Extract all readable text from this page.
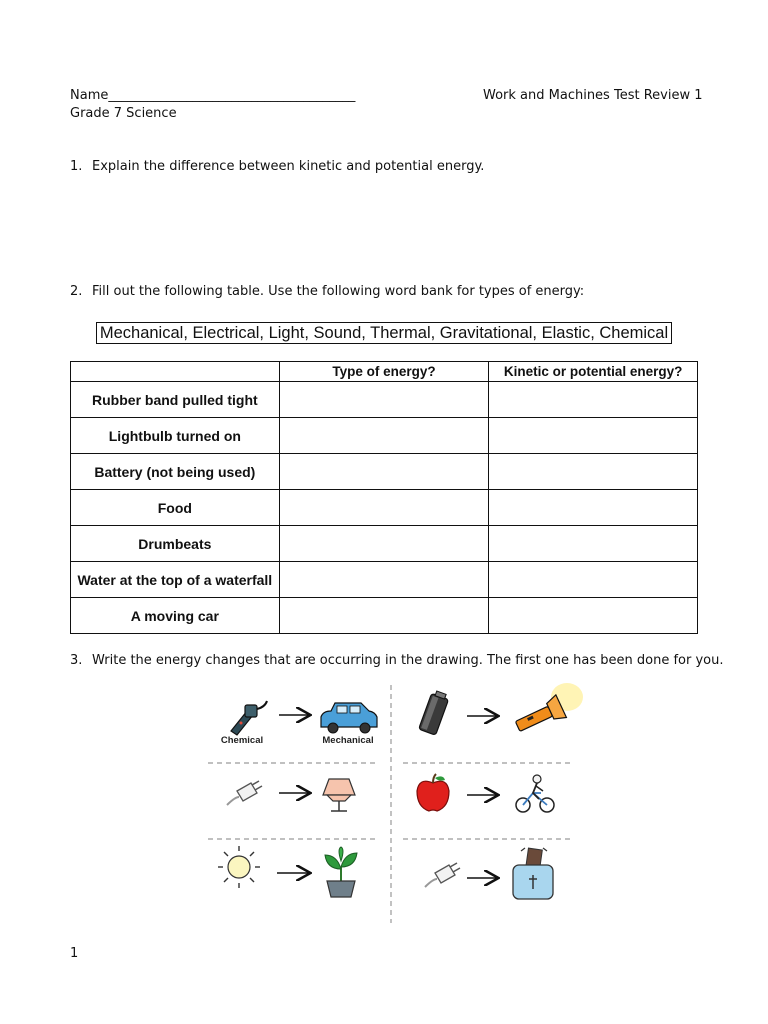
Name______________________________________	Work and Machines Test Review 1
Grade 7 Science
1. Explain the difference between kinetic and potential energy.
2. Fill out the following table. Use the following word bank for types of energy:
Mechanical, Electrical, Light, Sound, Thermal, Gravitational, Elastic, Chemical
	Type of energy?	Kinetic or potential energy?
Rubber band pulled tight		
Lightbulb turned on		
Battery (not being used)		
Food		
Drumbeats		
Water at the top of a waterfall		
A moving car		
3. Write the energy changes that are occurring in the drawing. The first one has been done for you.
Chemical	Mechanical
1
